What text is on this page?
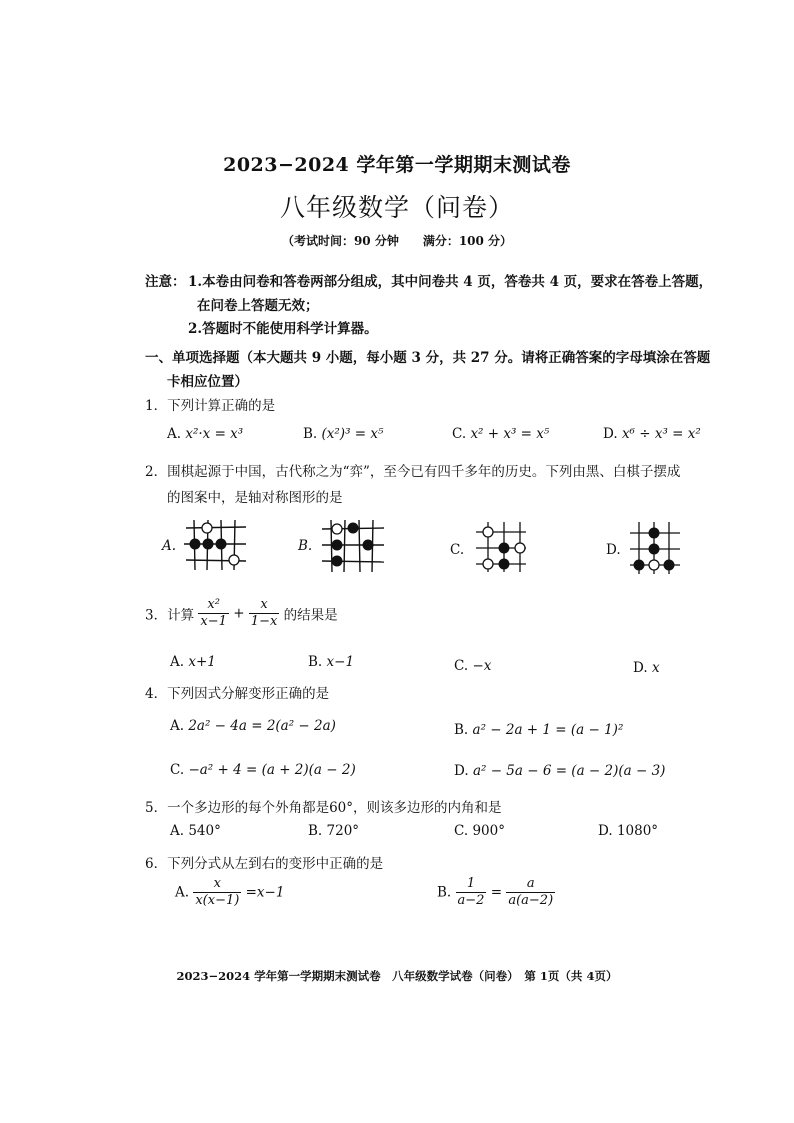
2023−2024 学年第一学期期末测试卷
八年级数学（问卷）
（考试时间：90 分钟　　满分：100 分）
注意： 1.本卷由问卷和答卷两部分组成，其中问卷共 4 页，答卷共 4 页，要求在答卷上答题，
在问卷上答题无效；
2.答题时不能使用科学计算器。
一、单项选择题（本大题共 9 小题，每小题 3 分，共 27 分。请将正确答案的字母填涂在答题
卡相应位置）
1．下列计算正确的是
A. x²·x = x³	B. (x²)³ = x⁵	C. x² + x³ = x⁵	D. x⁶ ÷ x³ = x²
2．围棋起源于中国，古代称之为“弈”，至今已有四千多年的历史。下列由黑、白棋子摆成
的图案中，是轴对称图形的是
A.	B.	C.	D.
3．计算 $\frac{\text{x²}}{x-1} + \frac{x}{1-x}$ 的结果是
A. x+1	B. x−1	C. −x	D. x
4．下列因式分解变形正确的是
A. 2a² − 4a = 2(a² − 2a)	B. a² − 2a + 1 = (a − 1)²
C. −a² + 4 = (a + 2)(a − 2)	D. a² − 5a − 6 = (a − 2)(a − 3)
5．一个多边形的每个外角都是60°，则该多边形的内角和是
A. 540°	B. 720°	C. 900°	D. 1080°
6．下列分式从左到右的变形中正确的是
A. $\frac{x}{x(x-1)} =x-1$	B. $\frac{1}{a-2} = \frac{a}{a(a-2)}$
2023−2024 学年第一学期期末测试卷　八年级数学试卷（问卷）　第 1页（共 4页）
